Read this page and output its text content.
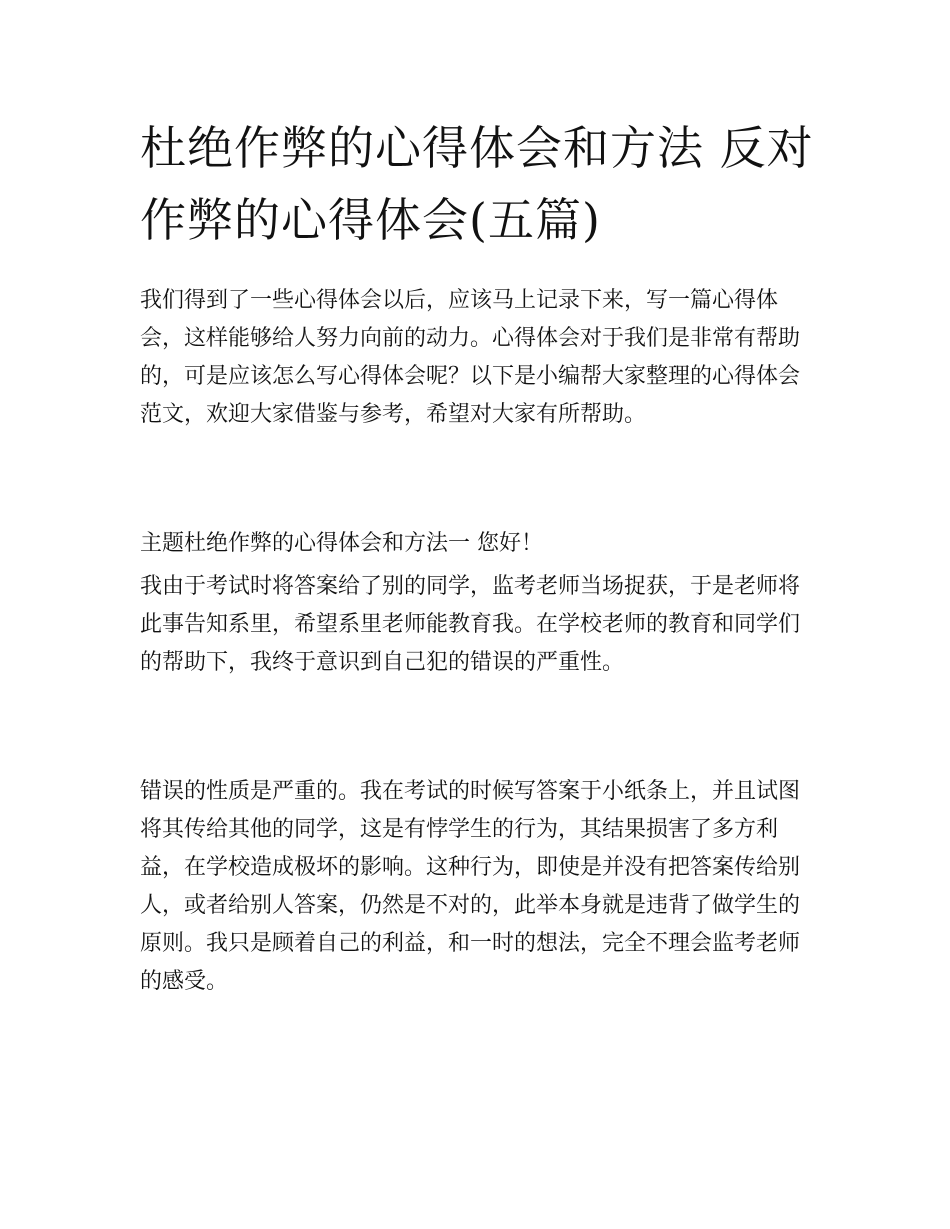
杜绝作弊的心得体会和方法 反对作弊的心得体会(五篇)

我们得到了一些心得体会以后，应该马上记录下来，写一篇心得体会，这样能够给人努力向前的动力。心得体会对于我们是非常有帮助的，可是应该怎么写心得体会呢？以下是小编帮大家整理的心得体会范文，欢迎大家借鉴与参考，希望对大家有所帮助。

主题杜绝作弊的心得体会和方法一 您好！

我由于考试时将答案给了别的同学，监考老师当场捉获，于是老师将此事告知系里，希望系里老师能教育我。在学校老师的教育和同学们的帮助下，我终于意识到自己犯的错误的严重性。

错误的性质是严重的。我在考试的时候写答案于小纸条上，并且试图将其传给其他的同学，这是有悖学生的行为，其结果损害了多方利益，在学校造成极坏的影响。这种行为，即使是并没有把答案传给别人，或者给别人答案，仍然是不对的，此举本身就是违背了做学生的原则。我只是顾着自己的利益，和一时的想法，完全不理会监考老师的感受。
